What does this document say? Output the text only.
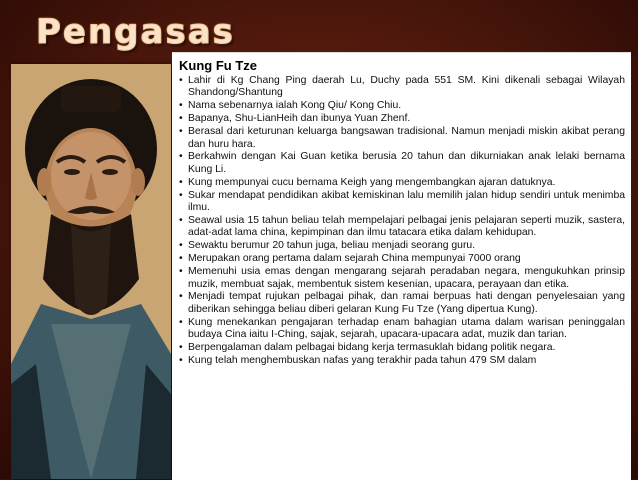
Pengasas
Kung Fu Tze
• Lahir di Kg Chang Ping daerah Lu, Duchy pada 551 SM. Kini dikenali sebagai Wilayah Shandong/Shantung
• Nama sebenarnya ialah Kong Qiu/ Kong Chiu.
• Bapanya, Shu-LianHeih dan ibunya Yuan Zhenf.
• Berasal dari keturunan keluarga bangsawan tradisional. Namun menjadi miskin akibat perang dan huru hara.
• Berkahwin dengan Kai Guan ketika berusia 20 tahun dan dikurniakan anak lelaki bernama Kung Li.
• Kung mempunyai cucu bernama Keigh yang mengembangkan ajaran datuknya.
• Sukar mendapat pendidikan akibat kemiskinan lalu memilih jalan hidup sendiri untuk menimba ilmu.
• Seawal usia 15 tahun beliau telah mempelajari pelbagai jenis pelajaran seperti muzik, sastera, adat-adat lama china, kepimpinan dan ilmu tatacara etika dalam kehidupan.
• Sewaktu berumur 20 tahun juga, beliau menjadi seorang guru.
• Merupakan orang pertama dalam sejarah China mempunyai 7000 orang
• Memenuhi usia emas dengan mengarang sejarah peradaban negara, mengukuhkan prinsip muzik, membuat sajak, membentuk sistem kesenian, upacara, perayaan dan etika.
• Menjadi tempat rujukan pelbagai pihak, dan ramai berpuas hati dengan penyelesaian yang diberikan sehingga beliau diberi gelaran Kung Fu Tze (Yang dipertua Kung).
• Kung menekankan pengajaran terhadap enam bahagian utama dalam warisan peninggalan budaya Cina iaitu I-Ching, sajak, sejarah, upacara-upacara adat, muzik dan tarian.
• Berpengalaman dalam pelbagai bidang kerja termasuklah bidang politik negara.
• Kung telah menghembuskan nafas yang terakhir pada tahun 479 SM dalam
